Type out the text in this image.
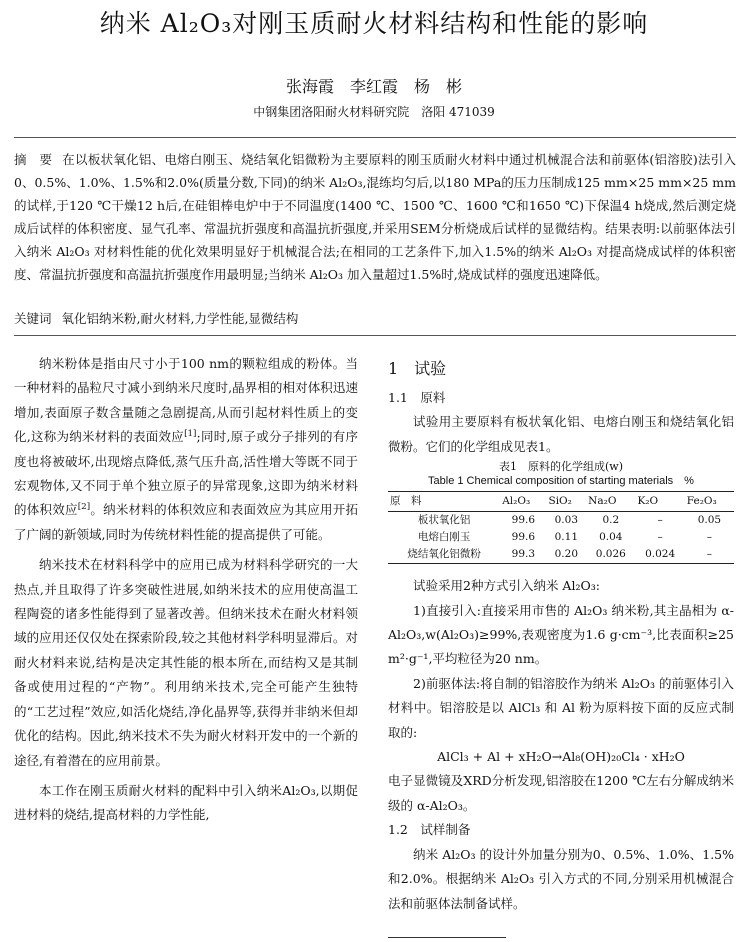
纳米 Al₂O₃对刚玉质耐火材料结构和性能的影响
张海霞　李红霞　杨　彬
中钢集团洛阳耐火材料研究院　洛阳 471039
摘　要 在以板状氧化铝、电熔白刚玉、烧结氧化铝微粉为主要原料的刚玉质耐火材料中通过机械混合法和前驱体(铝溶胶)法引入0、0.5%、1.0%、1.5%和2.0%(质量分数,下同)的纳米 Al₂O₃,混练均匀后,以180 MPa的压力压制成125 mm×25 mm×25 mm的试样,于120 ℃干燥12 h后,在硅钼棒电炉中于不同温度(1400 ℃、1500 ℃、1600 ℃和1650 ℃)下保温4 h烧成,然后测定烧成后试样的体积密度、显气孔率、常温抗折强度和高温抗折强度,并采用SEM分析烧成后试样的显微结构。结果表明:以前驱体法引入纳米 Al₂O₃ 对材料性能的优化效果明显好于机械混合法;在相同的工艺条件下,加入1.5%的纳米 Al₂O₃ 对提高烧成试样的体积密度、常温抗折强度和高温抗折强度作用最明显;当纳米 Al₂O₃ 加入量超过1.5%时,烧成试样的强度迅速降低。
关键词 氧化铝纳米粉,耐火材料,力学性能,显微结构

纳米粉体是指由尺寸小于100 nm的颗粒组成的粉体。当一种材料的晶粒尺寸减小到纳米尺度时,晶界相的相对体积迅速增加,表面原子数含量随之急剧提高,从而引起材料性质上的变化,这称为纳米材料的表面效应[1];同时,原子或分子排列的有序度也将被破坏,出现熔点降低,蒸气压升高,活性增大等既不同于宏观物体,又不同于单个独立原子的异常现象,这即为纳米材料的体积效应[2]。纳米材料的体积效应和表面效应为其应用开拓了广阔的新领域,同时为传统材料性能的提高提供了可能。

纳米技术在材料科学中的应用已成为材料科学研究的一大热点,并且取得了许多突破性进展,如纳米技术的应用使高温工程陶瓷的诸多性能得到了显著改善。但纳米技术在耐火材料领域的应用还仅仅处在探索阶段,较之其他材料学科明显滞后。对耐火材料来说,结构是决定其性能的根本所在,而结构又是其制备或使用过程的“产物”。利用纳米技术,完全可能产生独特的“工艺过程”效应,如活化烧结,净化晶界等,获得并非纳米但却优化的结构。因此,纳米技术不失为耐火材料开发中的一个新的途径,有着潜在的应用前景。

本工作在刚玉质耐火材料的配料中引入纳米Al₂O₃,以期促进材料的烧结,提高材料的力学性能,

1　试验
1.1　原料

试验用主要原料有板状氧化铝、电熔白刚玉和烧结氧化铝微粉。它们的化学组成见表1。

表1　原料的化学组成(w)
Table 1 Chemical composition of starting materials　%
原　料	Al₂O₃	SiO₂	Na₂O	K₂O	Fe₂O₃
板状氧化铝	99.6	0.03	0.2	–	0.05
电熔白刚玉	99.6	0.11	0.04	–	–
烧结氧化铝微粉	99.3	0.20	0.026	0.024	–

试验采用2种方式引入纳米 Al₂O₃:

1)直接引入:直接采用市售的 Al₂O₃ 纳米粉,其主晶相为 α-Al₂O₃,w(Al₂O₃)≥99%,表观密度为1.6 g·cm⁻³,比表面积≥25 m²·g⁻¹,平均粒径为20 nm。

2)前驱体法:将自制的铝溶胶作为纳米 Al₂O₃ 的前驱体引入材料中。铝溶胶是以 AlCl₃ 和 Al 粉为原料按下面的反应式制取的:

AlCl₃ + Al + xH₂O→Al₈(OH)₂₀Cl₄ · xH₂O

电子显微镜及XRD分析发现,铝溶胶在1200 ℃左右分解成纳米级的 α-Al₂O₃。

1.2　试样制备

纳米 Al₂O₃ 的设计外加量分别为0、0.5%、1.0%、1.5%和2.0%。根据纳米 Al₂O₃ 引入方式的不同,分别采用机械混合法和前驱体法制备试样。
